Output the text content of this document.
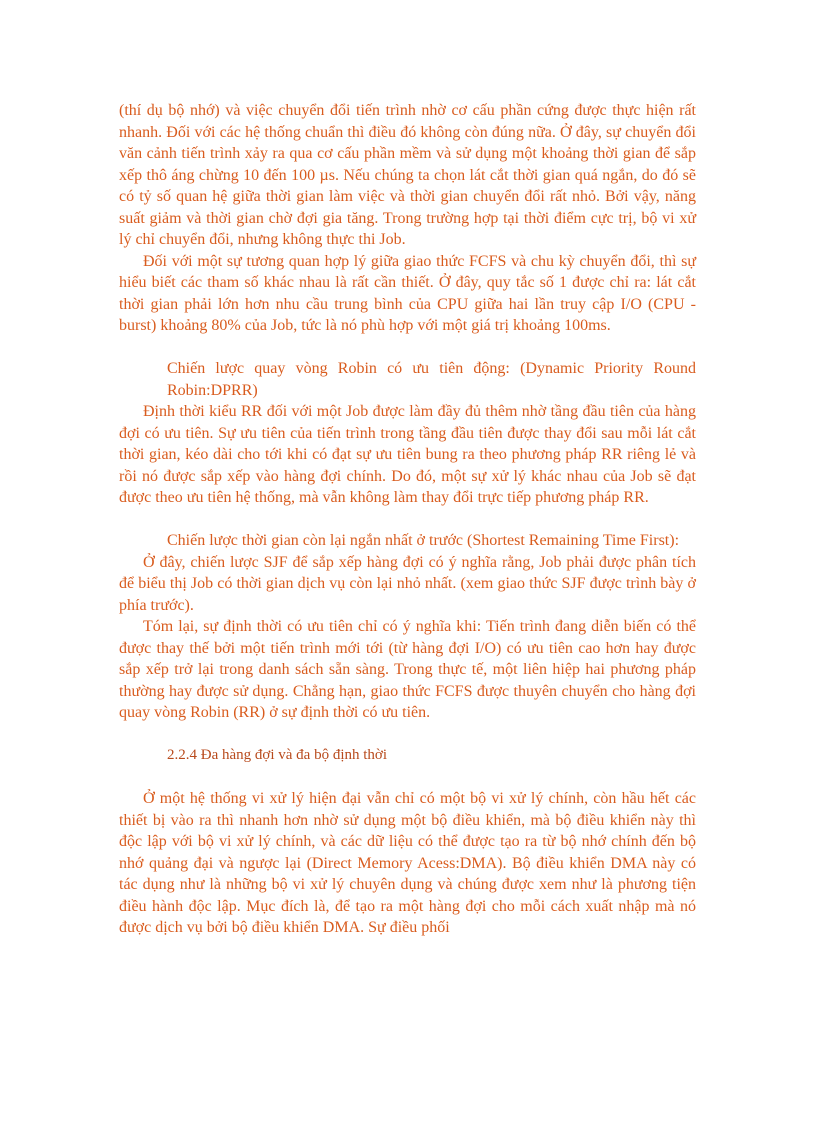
(thí dụ bộ nhớ) và việc chuyển đổi tiến trình nhờ cơ cấu phần cứng được thực hiện rất nhanh. Đối với các hệ thống chuẩn thì điều đó không còn đúng nữa. Ở đây, sự chuyển đổi văn cảnh tiến trình xảy ra qua cơ cấu phần mềm và sử dụng một khoảng thời gian để sắp xếp thô áng chừng 10 đến 100 µs. Nếu chúng ta chọn lát cắt thời gian quá ngắn, do đó sẽ có tỷ số quan hệ giữa thời gian làm việc và thời gian chuyển đổi rất nhỏ. Bởi vậy, năng suất giảm và thời gian chờ đợi gia tăng. Trong trường hợp tại thời điểm cực trị, bộ vi xử lý chỉ chuyển đổi, nhưng không thực thi Job.

Đối với một sự tương quan hợp lý giữa giao thức FCFS và chu kỳ chuyển đổi, thì sự hiểu biết các tham số khác nhau là rất cần thiết. Ở đây, quy tắc số 1 được chỉ ra: lát cắt thời gian phải lớn hơn nhu cầu trung bình của CPU giữa hai lần truy cập I/O (CPU - burst) khoảng 80% của Job, tức là nó phù hợp với một giá trị khoảng 100ms.

Chiến lược quay vòng Robin có ưu tiên động: (Dynamic Priority Round Robin:DPRR)

Định thời kiểu RR đối với một Job được làm đầy đủ thêm nhờ tầng đầu tiên của hàng đợi có ưu tiên. Sự ưu tiên của tiến trình trong tầng đầu tiên được thay đổi sau mỗi lát cắt thời gian, kéo dài cho tới khi có đạt sự ưu tiên bung ra theo phương pháp RR riêng lẻ và rồi nó được sắp xếp vào hàng đợi chính. Do đó, một sự xử lý khác nhau của Job sẽ đạt được theo ưu tiên hệ thống, mà vẫn không làm thay đổi trực tiếp phương pháp RR.

Chiến lược thời gian còn lại ngắn nhất ở trước (Shortest Remaining Time First):

Ở đây, chiến lược SJF để sắp xếp hàng đợi có ý nghĩa rằng, Job phải được phân tích để biểu thị Job có thời gian dịch vụ còn lại nhỏ nhất. (xem giao thức SJF được trình bày ở phía trước).

Tóm lại, sự định thời có ưu tiên chỉ có ý nghĩa khi: Tiến trình đang diễn biến có thể được thay thế bởi một tiến trình mới tới (từ hàng đợi I/O) có ưu tiên cao hơn hay được sắp xếp trở lại trong danh sách sẵn sàng. Trong thực tế, một liên hiệp hai phương pháp thường hay được sử dụng. Chẳng hạn, giao thức FCFS được thuyên chuyển cho hàng đợi quay vòng Robin (RR) ở sự định thời có ưu tiên.

2.2.4 Đa hàng đợi và đa bộ định thời

Ở một hệ thống vi xử lý hiện đại vẫn chỉ có một bộ vi xử lý chính, còn hầu hết các thiết bị vào ra thì nhanh hơn nhờ sử dụng một bộ điều khiển, mà bộ điều khiển này thì độc lập với bộ vi xử lý chính, và các dữ liệu có thể được tạo ra từ bộ nhớ chính đến bộ nhớ quảng đại và ngược lại (Direct Memory Acess:DMA). Bộ điều khiển DMA này có tác dụng như là những bộ vi xử lý chuyên dụng và chúng được xem như là phương tiện điều hành độc lập. Mục đích là, để tạo ra một hàng đợi cho mỗi cách xuất nhập mà nó được dịch vụ bởi bộ điều khiển DMA. Sự điều phối
